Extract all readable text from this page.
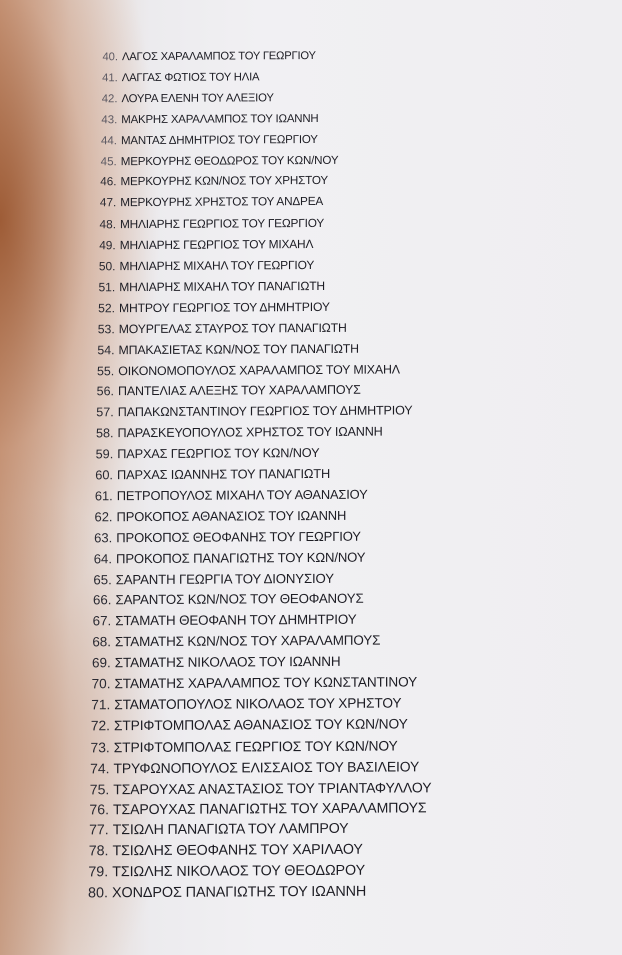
40. ΛΑΓΟΣ ΧΑΡΑΛΑΜΠΟΣ ΤΟΥ ΓΕΩΡΓΙΟΥ
41. ΛΑΓΓΑΣ ΦΩΤΙΟΣ ΤΟΥ ΗΛΙΑ
42. ΛΟΥΡΑ ΕΛΕΝΗ ΤΟΥ ΑΛΕΞΙΟΥ
43. ΜΑΚΡΗΣ ΧΑΡΑΛΑΜΠΟΣ ΤΟΥ ΙΩΑΝΝΗ
44. ΜΑΝΤΑΣ ΔΗΜΗΤΡΙΟΣ ΤΟΥ ΓΕΩΡΓΙΟΥ
45. ΜΕΡΚΟΥΡΗΣ ΘΕΟΔΩΡΟΣ ΤΟΥ ΚΩΝ/ΝΟΥ
46. ΜΕΡΚΟΥΡΗΣ ΚΩΝ/ΝΟΣ ΤΟΥ ΧΡΗΣΤΟΥ
47. ΜΕΡΚΟΥΡΗΣ ΧΡΗΣΤΟΣ ΤΟΥ ΑΝΔΡΕΑ
48. ΜΗΛΙΑΡΗΣ ΓΕΩΡΓΙΟΣ ΤΟΥ ΓΕΩΡΓΙΟΥ
49. ΜΗΛΙΑΡΗΣ ΓΕΩΡΓΙΟΣ ΤΟΥ ΜΙΧΑΗΛ
50. ΜΗΛΙΑΡΗΣ ΜΙΧΑΗΛ ΤΟΥ ΓΕΩΡΓΙΟΥ
51. ΜΗΛΙΑΡΗΣ ΜΙΧΑΗΛ ΤΟΥ ΠΑΝΑΓΙΩΤΗ
52. ΜΗΤΡΟΥ ΓΕΩΡΓΙΟΣ ΤΟΥ ΔΗΜΗΤΡΙΟΥ
53. ΜΟΥΡΓΕΛΑΣ ΣΤΑΥΡΟΣ ΤΟΥ ΠΑΝΑΓΙΩΤΗ
54. ΜΠΑΚΑΣΙΕΤΑΣ ΚΩΝ/ΝΟΣ ΤΟΥ ΠΑΝΑΓΙΩΤΗ
55. ΟΙΚΟΝΟΜΟΠΟΥΛΟΣ ΧΑΡΑΛΑΜΠΟΣ ΤΟΥ ΜΙΧΑΗΛ
56. ΠΑΝΤΕΛΙΑΣ ΑΛΕΞΗΣ ΤΟΥ ΧΑΡΑΛΑΜΠΟΥΣ
57. ΠΑΠΑΚΩΝΣΤΑΝΤΙΝΟΥ ΓΕΩΡΓΙΟΣ ΤΟΥ ΔΗΜΗΤΡΙΟΥ
58. ΠΑΡΑΣΚΕΥΟΠΟΥΛΟΣ ΧΡΗΣΤΟΣ ΤΟΥ ΙΩΑΝΝΗ
59. ΠΑΡΧΑΣ ΓΕΩΡΓΙΟΣ ΤΟΥ ΚΩΝ/ΝΟΥ
60. ΠΑΡΧΑΣ ΙΩΑΝΝΗΣ ΤΟΥ ΠΑΝΑΓΙΩΤΗ
61. ΠΕΤΡΟΠΟΥΛΟΣ ΜΙΧΑΗΛ ΤΟΥ ΑΘΑΝΑΣΙΟΥ
62. ΠΡΟΚΟΠΟΣ ΑΘΑΝΑΣΙΟΣ ΤΟΥ ΙΩΑΝΝΗ
63. ΠΡΟΚΟΠΟΣ ΘΕΟΦΑΝΗΣ ΤΟΥ ΓΕΩΡΓΙΟΥ
64. ΠΡΟΚΟΠΟΣ ΠΑΝΑΓΙΩΤΗΣ ΤΟΥ ΚΩΝ/ΝΟΥ
65. ΣΑΡΑΝΤΗ ΓΕΩΡΓΙΑ ΤΟΥ ΔΙΟΝΥΣΙΟΥ
66. ΣΑΡΑΝΤΟΣ ΚΩΝ/ΝΟΣ ΤΟΥ ΘΕΟΦΑΝΟΥΣ
67. ΣΤΑΜΑΤΗ ΘΕΟΦΑΝΗ ΤΟΥ ΔΗΜΗΤΡΙΟΥ
68. ΣΤΑΜΑΤΗΣ ΚΩΝ/ΝΟΣ ΤΟΥ ΧΑΡΑΛΑΜΠΟΥΣ
69. ΣΤΑΜΑΤΗΣ ΝΙΚΟΛΑΟΣ ΤΟΥ ΙΩΑΝΝΗ
70. ΣΤΑΜΑΤΗΣ ΧΑΡΑΛΑΜΠΟΣ ΤΟΥ ΚΩΝΣΤΑΝΤΙΝΟΥ
71. ΣΤΑΜΑΤΟΠΟΥΛΟΣ ΝΙΚΟΛΑΟΣ ΤΟΥ ΧΡΗΣΤΟΥ
72. ΣΤΡΙΦΤΟΜΠΟΛΑΣ ΑΘΑΝΑΣΙΟΣ ΤΟΥ ΚΩΝ/ΝΟΥ
73. ΣΤΡΙΦΤΟΜΠΟΛΑΣ ΓΕΩΡΓΙΟΣ ΤΟΥ ΚΩΝ/ΝΟΥ
74. ΤΡΥΦΩΝΟΠΟΥΛΟΣ ΕΛΙΣΣΑΙΟΣ ΤΟΥ ΒΑΣΙΛΕΙΟΥ
75. ΤΣΑΡΟΥΧΑΣ ΑΝΑΣΤΑΣΙΟΣ ΤΟΥ ΤΡΙΑΝΤΑΦΥΛΛΟΥ
76. ΤΣΑΡΟΥΧΑΣ ΠΑΝΑΓΙΩΤΗΣ ΤΟΥ ΧΑΡΑΛΑΜΠΟΥΣ
77. ΤΣΙΩΛΗ ΠΑΝΑΓΙΩΤΑ ΤΟΥ ΛΑΜΠΡΟΥ
78. ΤΣΙΩΛΗΣ ΘΕΟΦΑΝΗΣ ΤΟΥ ΧΑΡΙΛΑΟΥ
79. ΤΣΙΩΛΗΣ ΝΙΚΟΛΑΟΣ ΤΟΥ ΘΕΟΔΩΡΟΥ
80. ΧΟΝΔΡΟΣ ΠΑΝΑΓΙΩΤΗΣ ΤΟΥ ΙΩΑΝΝΗ
